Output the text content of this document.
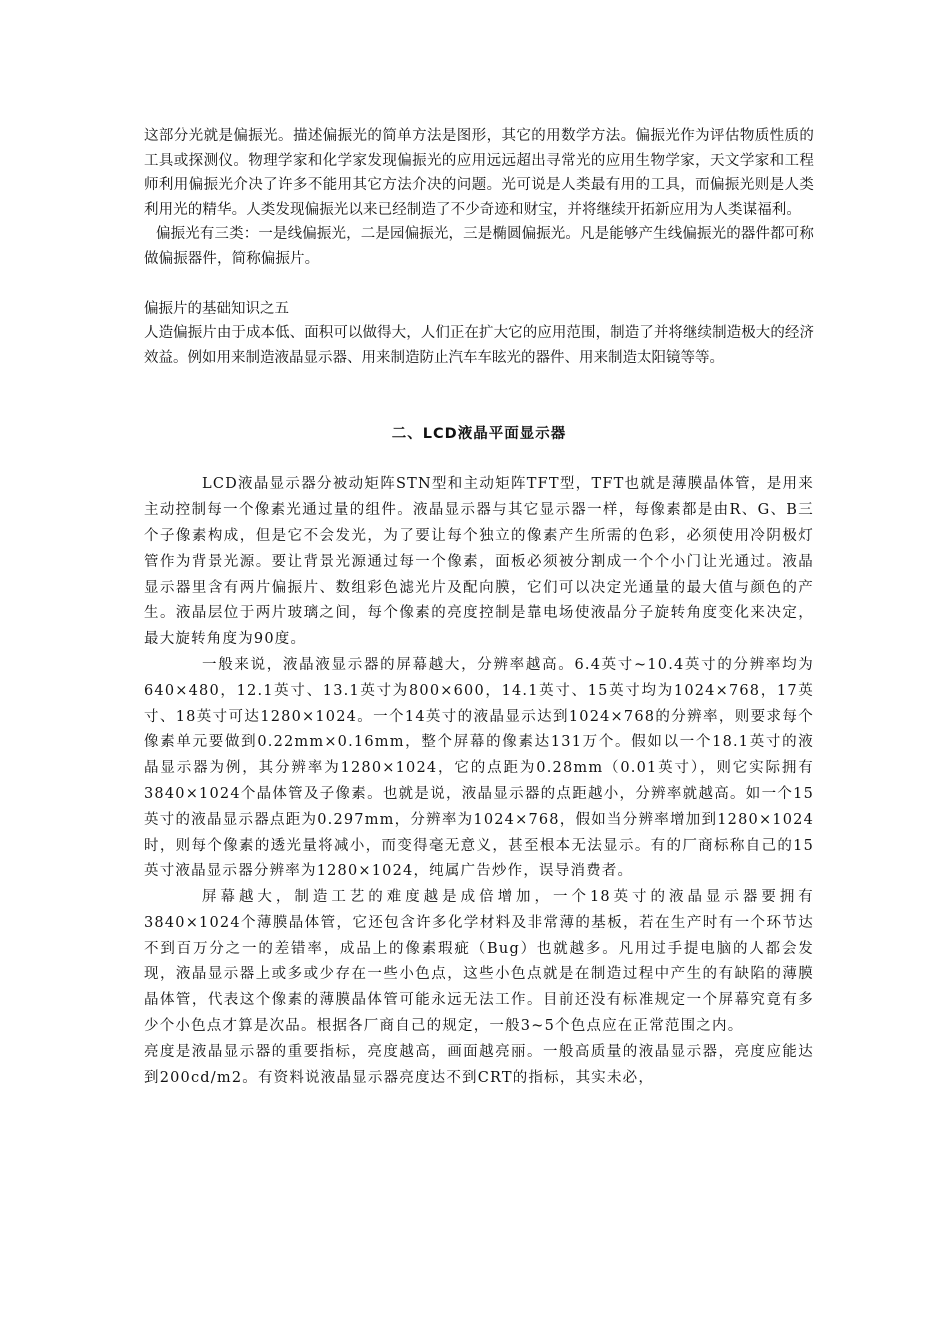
这部分光就是偏振光。描述偏振光的简单方法是图形，其它的用数学方法。偏振光作为评估物质性质的工具或探测仪。物理学家和化学家发现偏振光的应用远远超出寻常光的应用生物学家，天文学家和工程师利用偏振光介决了许多不能用其它方法介决的问题。光可说是人类最有用的工具，而偏振光则是人类利用光的精华。人类发现偏振光以来已经制造了不少奇迹和财宝，并将继续开拓新应用为人类谋福利。

偏振光有三类：一是线偏振光，二是园偏振光，三是椭圆偏振光。凡是能够产生线偏振光的器件都可称做偏振器件，简称偏振片。

偏振片的基础知识之五

人造偏振片由于成本低、面积可以做得大，人们正在扩大它的应用范围，制造了并将继续制造极大的经济效益。例如用来制造液晶显示器、用来制造防止汽车车眩光的器件、用来制造太阳镜等等。

二、LCD液晶平面显示器

LCD液晶显示器分被动矩阵STN型和主动矩阵TFT型，TFT也就是薄膜晶体管，是用来主动控制每一个像素光通过量的组件。液晶显示器与其它显示器一样，每像素都是由R、G、B三个子像素构成，但是它不会发光，为了要让每个独立的像素产生所需的色彩，必须使用冷阴极灯管作为背景光源。要让背景光源通过每一个像素，面板必须被分割成一个个小门让光通过。液晶显示器里含有两片偏振片、数组彩色滤光片及配向膜，它们可以决定光通量的最大值与颜色的产生。液晶层位于两片玻璃之间，每个像素的亮度控制是靠电场使液晶分子旋转角度变化来决定，最大旋转角度为90度。

一般来说，液晶液显示器的屏幕越大，分辨率越高。6.4英寸~10.4英寸的分辨率均为640×480，12.1英寸、13.1英寸为800×600，14.1英寸、15英寸均为1024×768，17英寸、18英寸可达1280×1024。一个14英寸的液晶显示达到1024×768的分辨率，则要求每个像素单元要做到0.22mm×0.16mm，整个屏幕的像素达131万个。假如以一个18.1英寸的液晶显示器为例，其分辨率为1280×1024，它的点距为0.28mm（0.01英寸），则它实际拥有3840×1024个晶体管及子像素。也就是说，液晶显示器的点距越小，分辨率就越高。如一个15英寸的液晶显示器点距为0.297mm，分辨率为1024×768，假如当分辨率增加到1280×1024时，则每个像素的透光量将减小，而变得毫无意义，甚至根本无法显示。有的厂商标称自己的15英寸液晶显示器分辨率为1280×1024，纯属广告炒作，误导消费者。

屏幕越大，制造工艺的难度越是成倍增加，一个18英寸的液晶显示器要拥有3840×1024个薄膜晶体管，它还包含许多化学材料及非常薄的基板，若在生产时有一个环节达不到百万分之一的差错率，成品上的像素瑕疵（Bug）也就越多。凡用过手提电脑的人都会发现，液晶显示器上或多或少存在一些小色点，这些小色点就是在制造过程中产生的有缺陷的薄膜晶体管，代表这个像素的薄膜晶体管可能永远无法工作。目前还没有标准规定一个屏幕究竟有多少个小色点才算是次品。根据各厂商自己的规定，一般3~5个色点应在正常范围之内。

亮度是液晶显示器的重要指标，亮度越高，画面越亮丽。一般高质量的液晶显示器，亮度应能达到200cd/m2。有资料说液晶显示器亮度达不到CRT的指标，其实未必，
